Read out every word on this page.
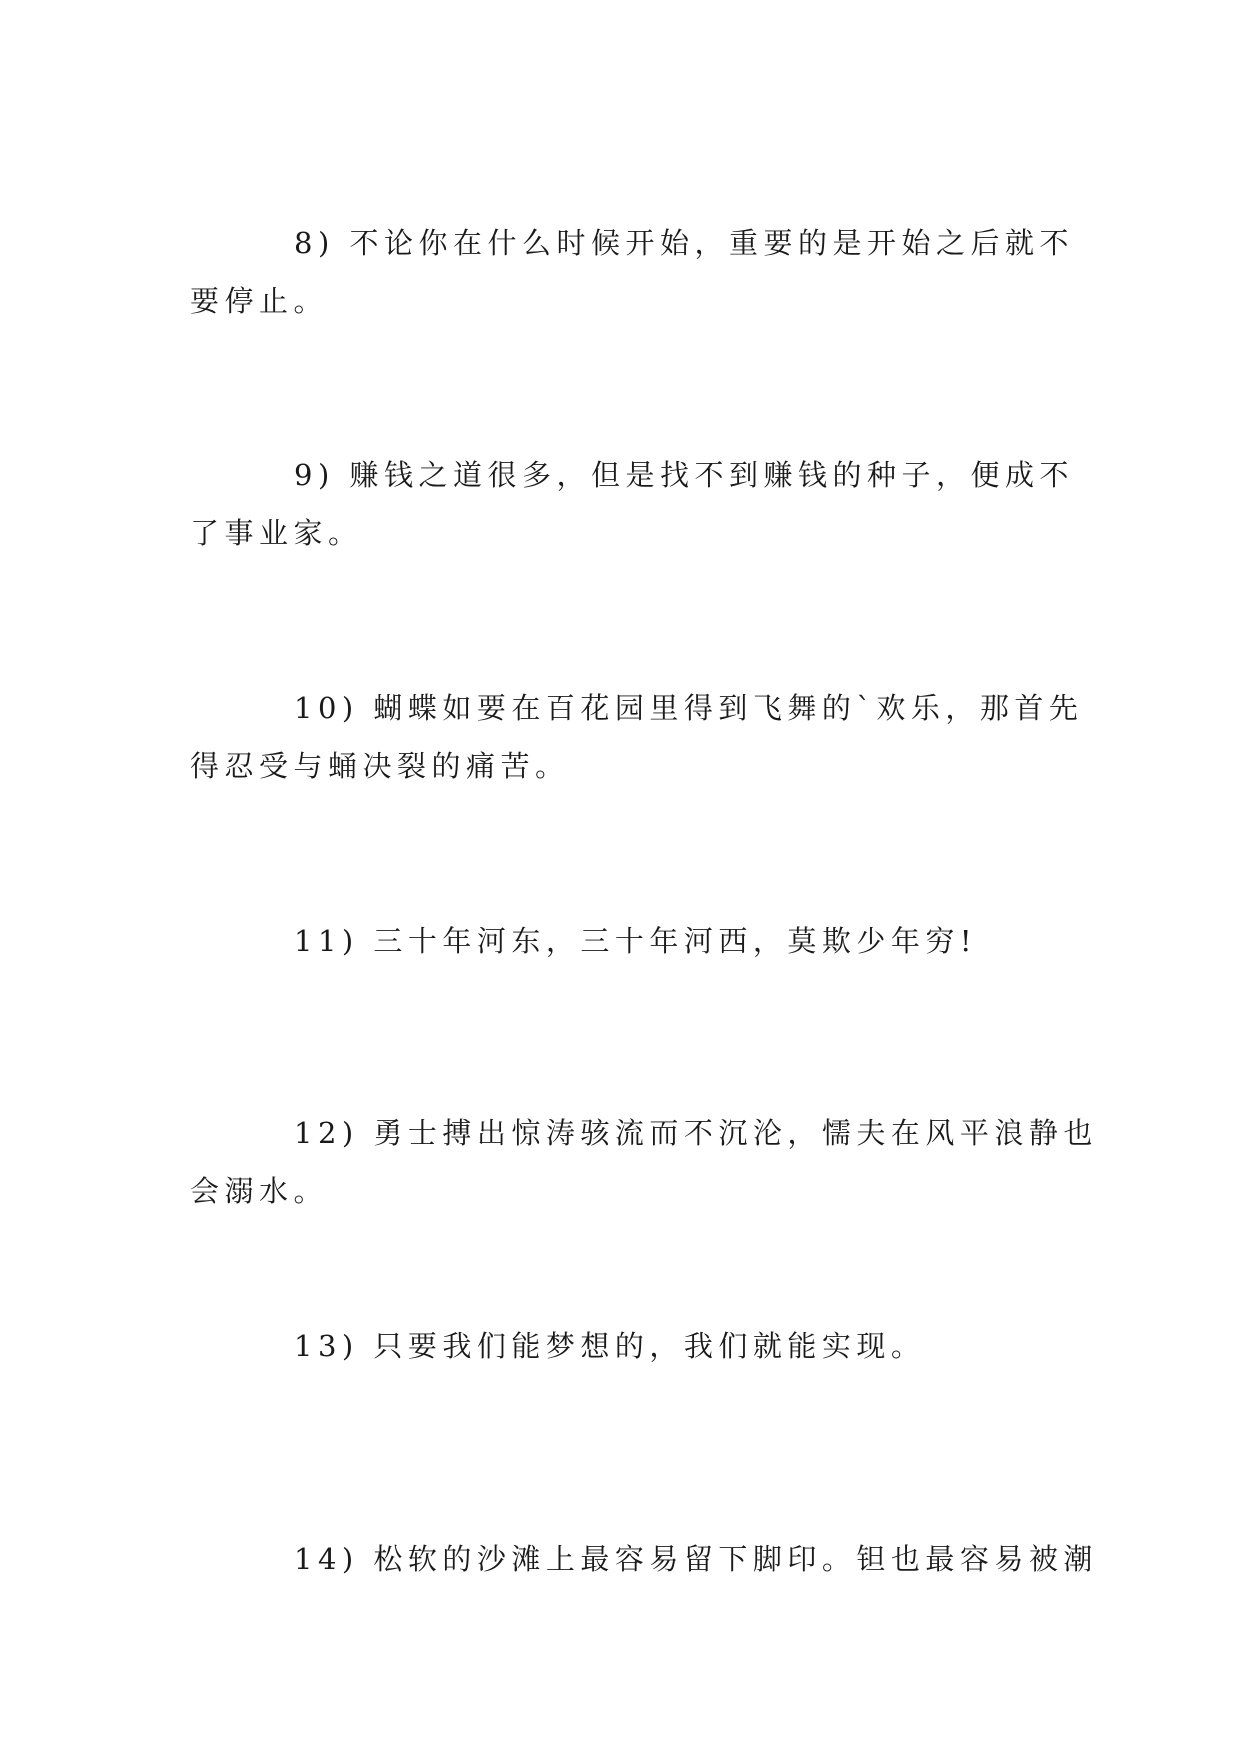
8) 不论你在什么时候开始，重要的是开始之后就不
要停止。
9) 赚钱之道很多，但是找不到赚钱的种子，便成不
了事业家。
10) 蝴蝶如要在百花园里得到飞舞的`欢乐，那首先
得忍受与蛹决裂的痛苦。
11) 三十年河东，三十年河西，莫欺少年穷!
12) 勇士搏出惊涛骇流而不沉沦，懦夫在风平浪静也
会溺水。
13) 只要我们能梦想的，我们就能实现。
14) 松软的沙滩上最容易留下脚印。钽也最容易被潮
